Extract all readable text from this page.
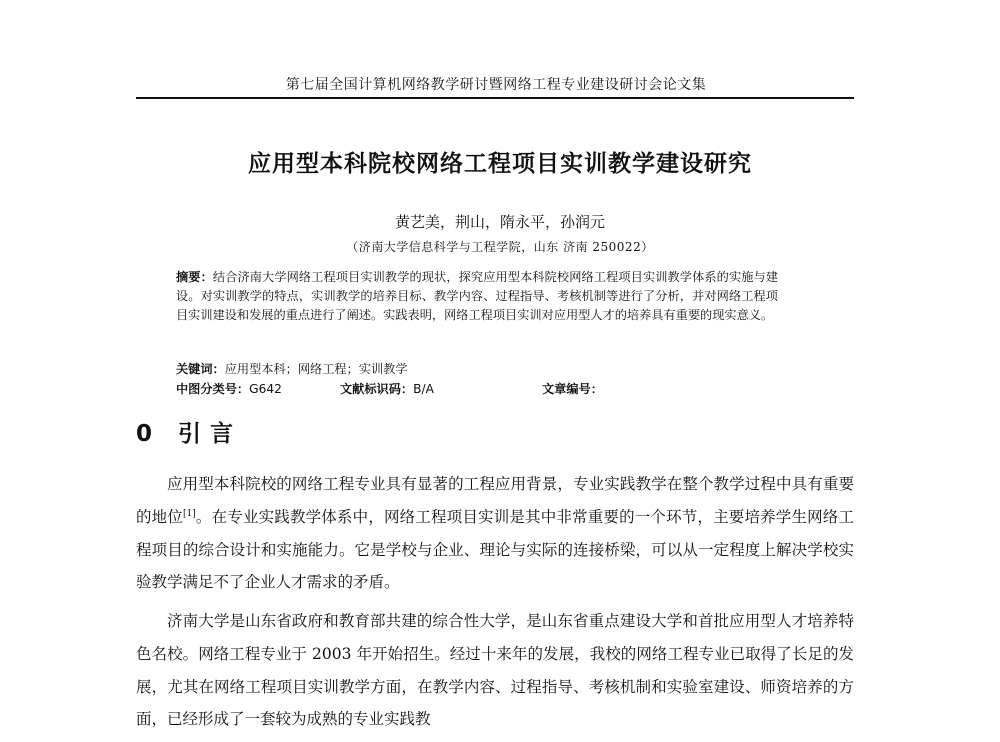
第七届全国计算机网络教学研讨暨网络工程专业建设研讨会论文集
应用型本科院校网络工程项目实训教学建设研究
黄艺美，荆山，隋永平，孙润元
（济南大学信息科学与工程学院，山东 济南 250022）
摘要：结合济南大学网络工程项目实训教学的现状，探究应用型本科院校网络工程项目实训教学体系的实施与建设。对实训教学的特点，实训教学的培养目标、教学内容、过程指导、考核机制等进行了分析，并对网络工程项目实训建设和发展的重点进行了阐述。实践表明，网络工程项目实训对应用型人才的培养具有重要的现实意义。
关键词：应用型本科；网络工程；实训教学
中图分类号：G642	文献标识码：B/A	文章编号：
0 引言

应用型本科院校的网络工程专业具有显著的工程应用背景，专业实践教学在整个教学过程中具有重要的地位[1]。在专业实践教学体系中，网络工程项目实训是其中非常重要的一个环节，主要培养学生网络工程项目的综合设计和实施能力。它是学校与企业、理论与实际的连接桥梁，可以从一定程度上解决学校实验教学满足不了企业人才需求的矛盾。

济南大学是山东省政府和教育部共建的综合性大学，是山东省重点建设大学和首批应用型人才培养特色名校。网络工程专业于 2003 年开始招生。经过十来年的发展，我校的网络工程专业已取得了长足的发展，尤其在网络工程项目实训教学方面，在教学内容、过程指导、考核机制和实验室建设、师资培养的方面，已经形成了一套较为成熟的专业实践教
